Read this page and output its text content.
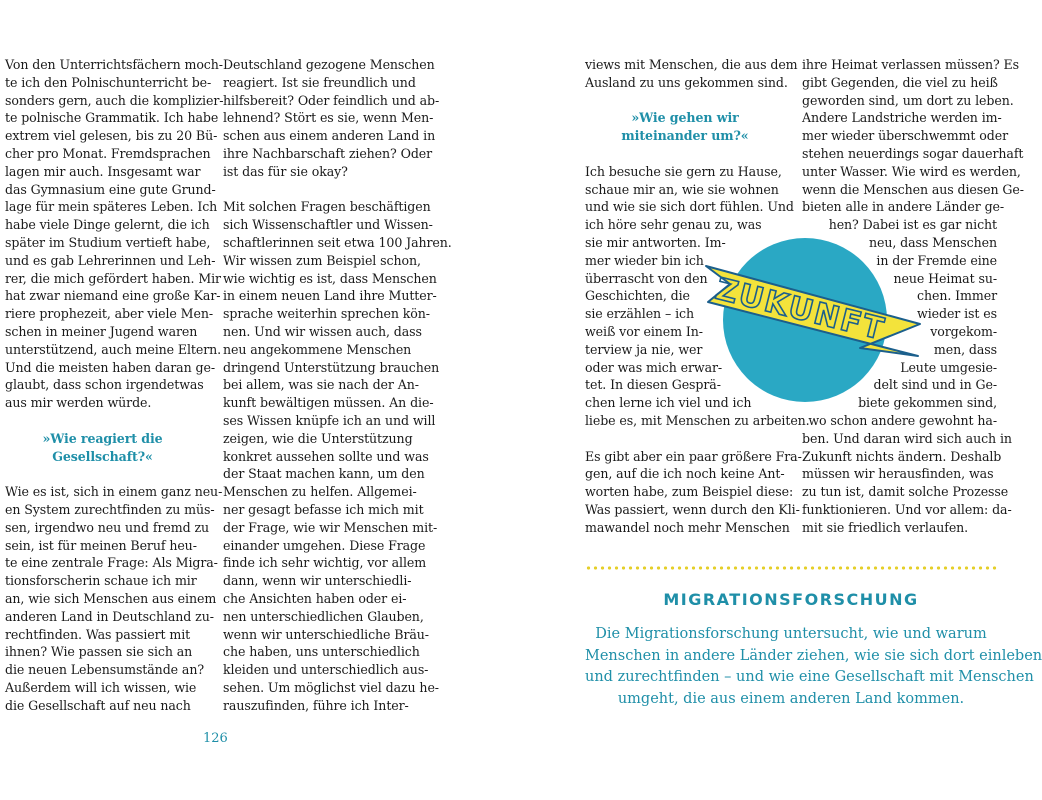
Von den Unterrichtsfächern moch-
te ich den Polnischunterricht be-
sonders gern, auch die komplizier-
te polnische Grammatik. Ich habe
extrem viel gelesen, bis zu 20 Bü-
cher pro Monat. Fremdsprachen
lagen mir auch. Insgesamt war
das Gymnasium eine gute Grund-
lage für mein späteres Leben. Ich
habe viele Dinge gelernt, die ich
später im Studium vertieft habe,
und es gab Lehrerinnen und Leh-
rer, die mich gefördert haben. Mir
hat zwar niemand eine große Kar-
riere prophezeit, aber viele Men-
schen in meiner Jugend waren
unterstützend, auch meine Eltern.
Und die meisten haben daran ge-
glaubt, dass schon irgendetwas
aus mir werden würde.
»Wie reagiert die
Gesellschaft?«
Wie es ist, sich in einem ganz neu-
en System zurechtfinden zu müs-
sen, irgendwo neu und fremd zu
sein, ist für meinen Beruf heu-
te eine zentrale Frage: Als Migra-
tionsforscherin schaue ich mir
an, wie sich Menschen aus einem
anderen Land in Deutschland zu-
rechtfinden. Was passiert mit
ihnen? Wie passen sie sich an
die neuen Lebensumstände an?
Außerdem will ich wissen, wie
die Gesellschaft auf neu nach
Deutschland gezogene Menschen
reagiert. Ist sie freundlich und
hilfsbereit? Oder feindlich und ab-
lehnend? Stört es sie, wenn Men-
schen aus einem anderen Land in
ihre Nachbarschaft ziehen? Oder
ist das für sie okay?
Mit solchen Fragen beschäftigen
sich Wissenschaftler und Wissen-
schaftlerinnen seit etwa 100 Jahren.
Wir wissen zum Beispiel schon,
wie wichtig es ist, dass Menschen
in einem neuen Land ihre Mutter-
sprache weiterhin sprechen kön-
nen. Und wir wissen auch, dass
neu angekommene Menschen
dringend Unterstützung brauchen
bei allem, was sie nach der An-
kunft bewältigen müssen. An die-
ses Wissen knüpfe ich an und will
zeigen, wie die Unterstützung
konkret aussehen sollte und was
der Staat machen kann, um den
Menschen zu helfen. Allgemei-
ner gesagt befasse ich mich mit
der Frage, wie wir Menschen mit-
einander umgehen. Diese Frage
finde ich sehr wichtig, vor allem
dann, wenn wir unterschiedli-
che Ansichten haben oder ei-
nen unterschiedlichen Glauben,
wenn wir unterschiedliche Bräu-
che haben, uns unterschiedlich
kleiden und unterschiedlich aus-
sehen. Um möglichst viel dazu he-
rauszufinden, führe ich Inter-
126
views mit Menschen, die aus dem
Ausland zu uns gekommen sind.
»Wie gehen wir
miteinander um?«
Ich besuche sie gern zu Hause,
schaue mir an, wie sie wohnen
und wie sie sich dort fühlen. Und
ich höre sehr genau zu, was
sie mir antworten. Im-
mer wieder bin ich
überrascht von den
Geschichten, die
sie erzählen – ich
weiß vor einem In-
terview ja nie, wer
oder was mich erwar-
tet. In diesen Gesprä-
chen lerne ich viel und ich
liebe es, mit Menschen zu arbeiten.
Es gibt aber ein paar größere Fra-
gen, auf die ich noch keine Ant-
worten habe, zum Beispiel diese:
Was passiert, wenn durch den Kli-
mawandel noch mehr Menschen
ihre Heimat verlassen müssen? Es
gibt Gegenden, die viel zu heiß
geworden sind, um dort zu leben.
Andere Landstriche werden im-
mer wieder überschwemmt oder
stehen neuerdings sogar dauerhaft
unter Wasser. Wie wird es werden,
wenn die Menschen aus diesen Ge-
bieten alle in andere Länder ge-
hen? Dabei ist es gar nicht
neu, dass Menschen
in der Fremde eine
neue Heimat su-
chen. Immer
wieder ist es
vorgekom-
men, dass
Leute umgesie-
delt sind und in Ge-
biete gekommen sind,
wo schon andere gewohnt ha-
ben. Und daran wird sich auch in
Zukunft nichts ändern. Deshalb
müssen wir herausfinden, was
zu tun ist, damit solche Prozesse
funktionieren. Und vor allem: da-
mit sie friedlich verlaufen.
ZUKUNFT
MIGRATIONSFORSCHUNG
Die Migrationsforschung untersucht, wie und warum
Menschen in andere Länder ziehen, wie sie sich dort einleben
und zurechtfinden – und wie eine Gesellschaft mit Menschen
umgeht, die aus einem anderen Land kommen.
